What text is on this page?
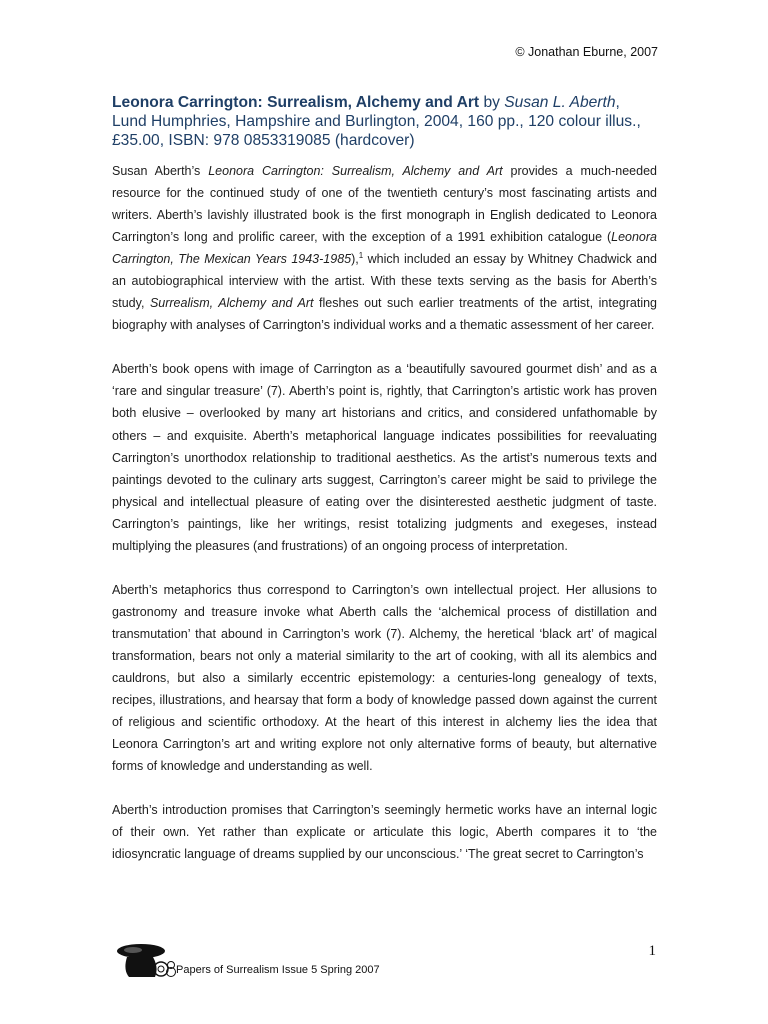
© Jonathan Eburne, 2007
Leonora Carrington: Surrealism, Alchemy and Art by Susan L. Aberth, Lund Humphries, Hampshire and Burlington, 2004, 160 pp., 120 colour illus., £35.00, ISBN: 978 0853319085 (hardcover)

Susan Aberth’s Leonora Carrington: Surrealism, Alchemy and Art provides a much-needed resource for the continued study of one of the twentieth century’s most fascinating artists and writers. Aberth’s lavishly illustrated book is the first monograph in English dedicated to Leonora Carrington’s long and prolific career, with the exception of a 1991 exhibition catalogue (Leonora Carrington, The Mexican Years 1943-1985),$^1$ which included an essay by Whitney Chadwick and an autobiographical interview with the artist. With these texts serving as the basis for Aberth’s study, Surrealism, Alchemy and Art fleshes out such earlier treatments of the artist, integrating biography with analyses of Carrington’s individual works and a thematic assessment of her career.

Aberth’s book opens with image of Carrington as a ‘beautifully savoured gourmet dish’ and as a ‘rare and singular treasure’ (7). Aberth’s point is, rightly, that Carrington’s artistic work has proven both elusive – overlooked by many art historians and critics, and considered unfathomable by others – and exquisite. Aberth’s metaphorical language indicates possibilities for reevaluating Carrington’s unorthodox relationship to traditional aesthetics. As the artist’s numerous texts and paintings devoted to the culinary arts suggest, Carrington’s career might be said to privilege the physical and intellectual pleasure of eating over the disinterested aesthetic judgment of taste. Carrington’s paintings, like her writings, resist totalizing judgments and exegeses, instead multiplying the pleasures (and frustrations) of an ongoing process of interpretation.

Aberth’s metaphorics thus correspond to Carrington’s own intellectual project. Her allusions to gastronomy and treasure invoke what Aberth calls the ‘alchemical process of distillation and transmutation’ that abound in Carrington’s work (7). Alchemy, the heretical ‘black art’ of magical transformation, bears not only a material similarity to the art of cooking, with all its alembics and cauldrons, but also a similarly eccentric epistemology: a centuries-long genealogy of texts, recipes, illustrations, and hearsay that form a body of knowledge passed down against the current of religious and scientific orthodoxy. At the heart of this interest in alchemy lies the idea that Leonora Carrington’s art and writing explore not only alternative forms of beauty, but alternative forms of knowledge and understanding as well.

Aberth’s introduction promises that Carrington’s seemingly hermetic works have an internal logic of their own. Yet rather than explicate or articulate this logic, Aberth compares it to ‘the idiosyncratic language of dreams supplied by our unconscious.’ ‘The great secret to Carrington’s

1
Papers of Surrealism Issue 5 Spring 2007
